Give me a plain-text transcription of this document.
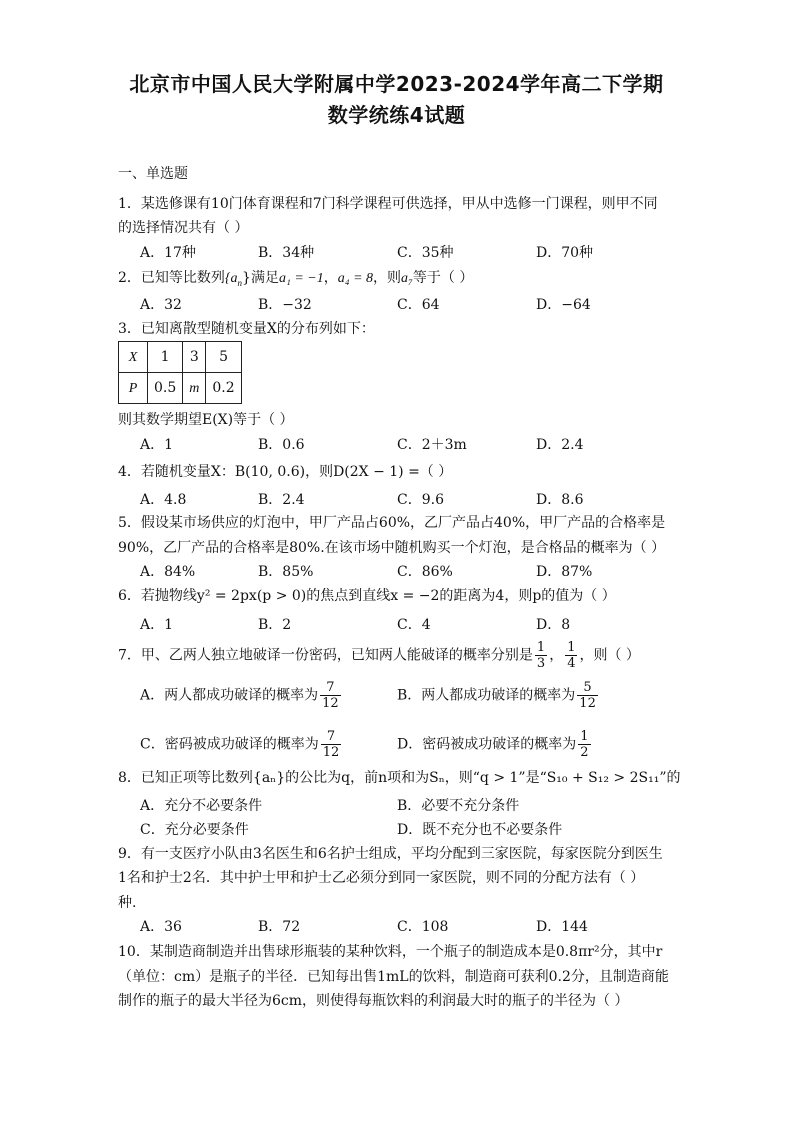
北京市中国人民大学附属中学2023-2024学年高二下学期
数学统练4试题
一、单选题
1．某选修课有10门体育课程和7门科学课程可供选择，甲从中选修一门课程，则甲不同
的选择情况共有（ ）
A．17种	B．34种	C．35种	D．70种
2．已知等比数列$\{a_n\}$满足a₁ = −1，a₄ = 8，则a₇等于（ ）
A．32	B．−32	C．64	D．−64
3．已知离散型随机变量X的分布列如下：
X	1	3	5
P	0.5	m	0.2
则其数学期望E(X)等于（ ）
A．1	B．0.6	C．2＋3m	D．2.4
4．若随机变量X：B(10, 0.6)，则D(2X − 1) =（ ）
A．4.8	B．2.4	C．9.6	D．8.6
5．假设某市场供应的灯泡中，甲厂产品占60%，乙厂产品占40%，甲厂产品的合格率是
90%，乙厂产品的合格率是80%.在该市场中随机购买一个灯泡，是合格品的概率为（ ）
A．84%	B．85%	C．86%	D．87%
6．若抛物线y² = 2px(p > 0)的焦点到直线x = −2的距离为4，则p的值为（ ）
A．1	B．2	C．4	D．8
7．甲、乙两人独立地破译一份密码，已知两人能破译的概率分别是 $\frac{1}{3}$ ， $\frac{1}{4}$ ，则（ ）
A．两人都成功破译的概率为 $\frac{7}{12}$	B．两人都成功破译的概率为 $\frac{5}{12}$
C．密码被成功破译的概率为 $\frac{7}{12}$	D．密码被成功破译的概率为 $\frac{1}{2}$
8．已知正项等比数列{aₙ}的公比为q，前n项和为Sₙ，则“q > 1”是“S₁₀ + S₁₂ > 2S₁₁”的
A．充分不必要条件	B．必要不充分条件
C．充分必要条件	D．既不充分也不必要条件
9．有一支医疗小队由3名医生和6名护士组成，平均分配到三家医院，每家医院分到医生
1名和护士2名．其中护士甲和护士乙必须分到同一家医院，则不同的分配方法有（ ）
种.
A．36	B．72	C．108	D．144
10．某制造商制造并出售球形瓶装的某种饮料，一个瓶子的制造成本是0.8πr²分，其中r
（单位：cm）是瓶子的半径．已知每出售1mL的饮料，制造商可获利0.2分，且制造商能
制作的瓶子的最大半径为6cm，则使得每瓶饮料的利润最大时的瓶子的半径为（ ）
